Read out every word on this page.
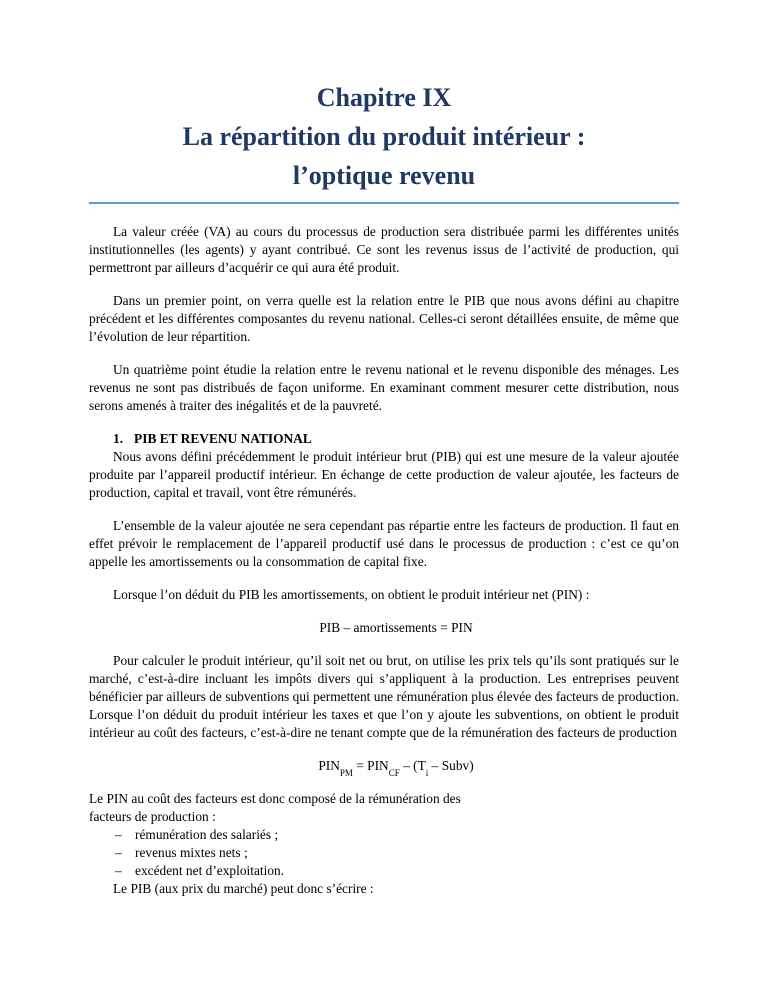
Chapitre IX
La répartition du produit intérieur :
l’optique revenu

La valeur créée (VA) au cours du processus de production sera distribuée parmi les différentes unités institutionnelles (les agents) y ayant contribué. Ce sont les revenus issus de l’activité de production, qui permettront par ailleurs d’acquérir ce qui aura été produit.

Dans un premier point, on verra quelle est la relation entre le PIB que nous avons défini au chapitre précédent et les différentes composantes du revenu national. Celles-ci seront détaillées ensuite, de même que l’évolution de leur répartition.

Un quatrième point étudie la relation entre le revenu national et le revenu disponible des ménages. Les revenus ne sont pas distribués de façon uniforme. En examinant comment mesurer cette distribution, nous serons amenés à traiter des inégalités et de la pauvreté.

1. PIB ET REVENU NATIONAL

Nous avons défini précédemment le produit intérieur brut (PIB) qui est une mesure de la valeur ajoutée produite par l’appareil productif intérieur. En échange de cette production de valeur ajoutée, les facteurs de production, capital et travail, vont être rémunérés.

L’ensemble de la valeur ajoutée ne sera cependant pas répartie entre les facteurs de production. Il faut en effet prévoir le remplacement de l’appareil productif usé dans le processus de production : c’est ce qu’on appelle les amortissements ou la consommation de capital fixe.

Lorsque l’on déduit du PIB les amortissements, on obtient le produit intérieur net (PIN) :

PIB – amortissements = PIN

Pour calculer le produit intérieur, qu’il soit net ou brut, on utilise les prix tels qu’ils sont pratiqués sur le marché, c’est-à-dire incluant les impôts divers qui s’appliquent à la production. Les entreprises peuvent bénéficier par ailleurs de subventions qui permettent une rémunération plus élevée des facteurs de production. Lorsque l’on déduit du produit intérieur les taxes et que l’on y ajoute les subventions, on obtient le produit intérieur au coût des facteurs, c’est-à-dire ne tenant compte que de la rémunération des facteurs de production

$PIN_{PM} = PIN_{CF} - (T_i$ – Subv)

Le PIN au coût des facteurs est donc composé de la rémunération des
facteurs de production :

– rémunération des salariés ;
– revenus mixtes nets ;
– excédent net d’exploitation.

Le PIB (aux prix du marché) peut donc s’écrire :
